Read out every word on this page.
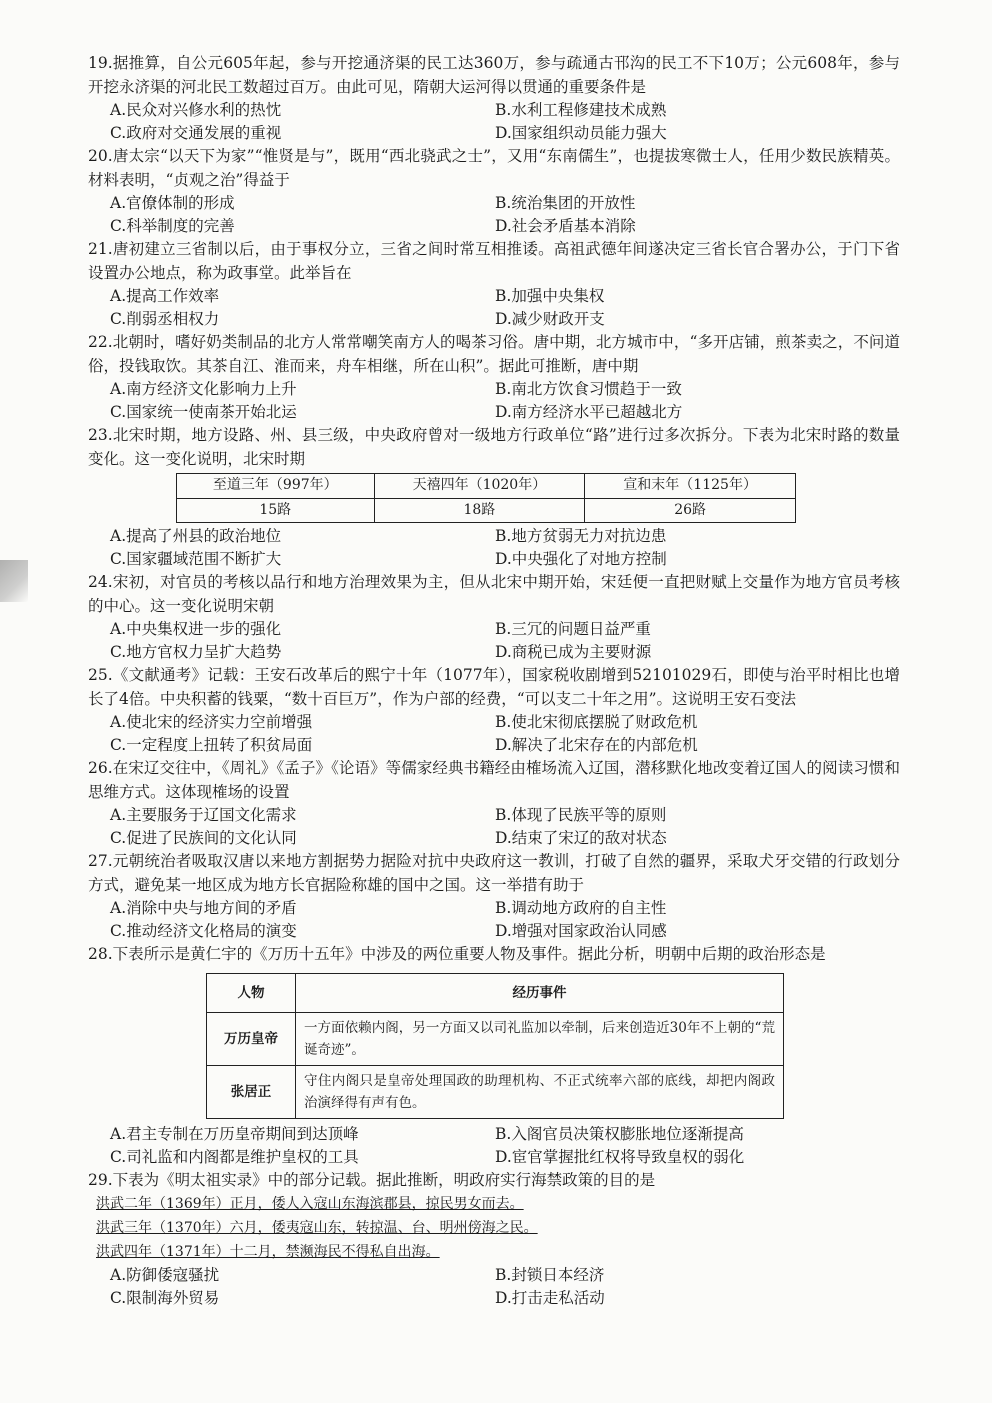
19.据推算，自公元605年起，参与开挖通济渠的民工达360万，参与疏通古邗沟的民工不下10万；公元608年，参与开挖永济渠的河北民工数超过百万。由此可见，隋朝大运河得以贯通的重要条件是

A.民众对兴修水利的热忱	B.水利工程修建技术成熟
C.政府对交通发展的重视	D.国家组织动员能力强大

20.唐太宗“以天下为家”“惟贤是与”，既用“西北骁武之士”，又用“东南儒生”，也提拔寒微士人，任用少数民族精英。材料表明，“贞观之治”得益于

A.官僚体制的形成	B.统治集团的开放性
C.科举制度的完善	D.社会矛盾基本消除

21.唐初建立三省制以后，由于事权分立，三省之间时常互相推诿。高祖武德年间遂决定三省长官合署办公，于门下省设置办公地点，称为政事堂。此举旨在

A.提高工作效率	B.加强中央集权
C.削弱丞相权力	D.减少财政开支

22.北朝时，嗜好奶类制品的北方人常常嘲笑南方人的喝茶习俗。唐中期，北方城市中，“多开店铺，煎茶卖之，不问道俗，投钱取饮。其茶自江、淮而来，舟车相继，所在山积”。据此可推断，唐中期

A.南方经济文化影响力上升	B.南北方饮食习惯趋于一致
C.国家统一使南茶开始北运	D.南方经济水平已超越北方

23.北宋时期，地方设路、州、县三级，中央政府曾对一级地方行政单位“路”进行过多次拆分。下表为北宋时路的数量变化。这一变化说明，北宋时期

至道三年（997年）	天禧四年（1020年）	宣和末年（1125年）
15路	18路	26路
A.提高了州县的政治地位	B.地方贫弱无力对抗边患
C.国家疆域范围不断扩大	D.中央强化了对地方控制

24.宋初，对官员的考核以品行和地方治理效果为主，但从北宋中期开始，宋廷便一直把财赋上交量作为地方官员考核的中心。这一变化说明宋朝

A.中央集权进一步的强化	B.三冗的问题日益严重
C.地方官权力呈扩大趋势	D.商税已成为主要财源

25.《文献通考》记载：王安石改革后的熙宁十年（1077年），国家税收剧增到52101029石，即使与治平时相比也增长了4倍。中央积蓄的钱粟，“数十百巨万”，作为户部的经费，“可以支二十年之用”。这说明王安石变法

A.使北宋的经济实力空前增强	B.使北宋彻底摆脱了财政危机
C.一定程度上扭转了积贫局面	D.解决了北宋存在的内部危机

26.在宋辽交往中，《周礼》《孟子》《论语》等儒家经典书籍经由榷场流入辽国，潜移默化地改变着辽国人的阅读习惯和思维方式。这体现榷场的设置

A.主要服务于辽国文化需求	B.体现了民族平等的原则
C.促进了民族间的文化认同	D.结束了宋辽的敌对状态

27.元朝统治者吸取汉唐以来地方割据势力据险对抗中央政府这一教训，打破了自然的疆界，采取犬牙交错的行政划分方式，避免某一地区成为地方长官据险称雄的国中之国。这一举措有助于

A.消除中央与地方间的矛盾	B.调动地方政府的自主性
C.推动经济文化格局的演变	D.增强对国家政治认同感

28.下表所示是黄仁宇的《万历十五年》中涉及的两位重要人物及事件。据此分析，明朝中后期的政治形态是

人物	经历事件
万历皇帝	一方面依赖内阁，另一方面又以司礼监加以牵制，后来创造近30年不上朝的“荒诞奇迹”。
张居正	守住内阁只是皇帝处理国政的助理机构、不正式统率六部的底线，却把内阁政治演绎得有声有色。
A.君主专制在万历皇帝期间到达顶峰	B.入阁官员决策权膨胀地位逐渐提高
C.司礼监和内阁都是维护皇权的工具	D.宦官掌握批红权将导致皇权的弱化

29.下表为《明太祖实录》中的部分记载。据此推断，明政府实行海禁政策的目的是

洪武二年（1369年）正月，倭人入寇山东海滨郡县，掠民男女而去。
洪武三年（1370年）六月，倭夷寇山东，转掠温、台、明州傍海之民。
洪武四年（1371年）十二月，禁濒海民不得私自出海。
A.防御倭寇骚扰	B.封锁日本经济
C.限制海外贸易	D.打击走私活动
